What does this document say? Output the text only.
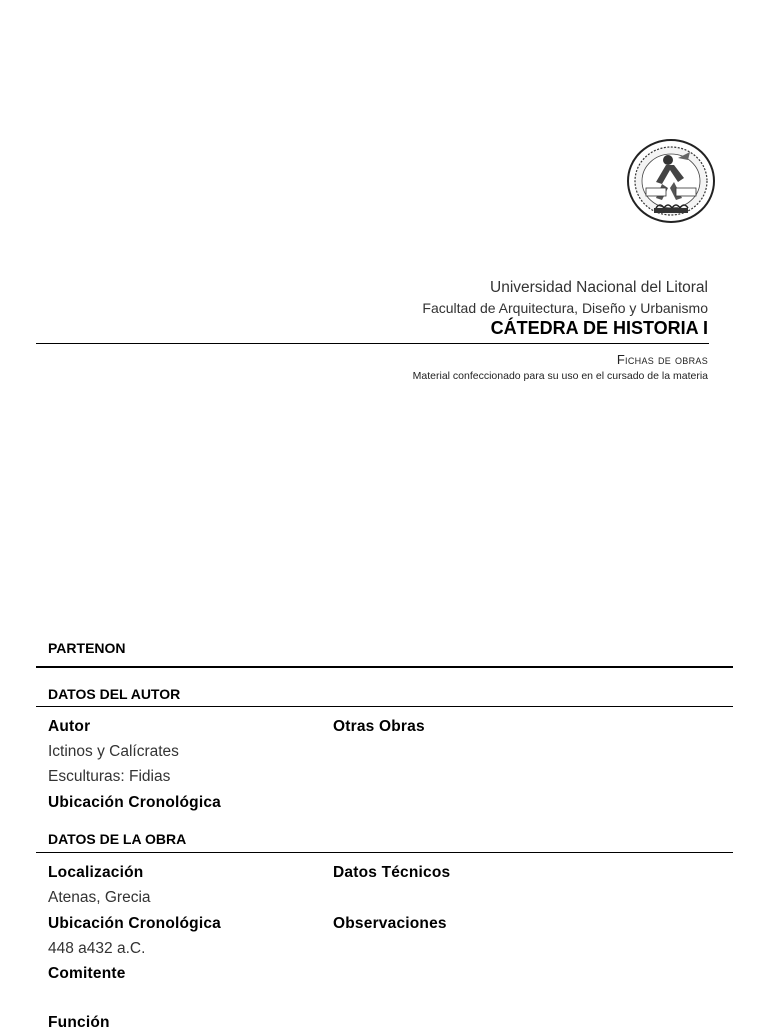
Universidad Nacional del Litoral
Facultad de Arquitectura, Diseño y Urbanismo
CÁTEDRA DE HISTORIA I
Fichas de obras
Material confeccionado para su uso en el cursado de la materia
PARTENON
DATOS DEL AUTOR
Autor	Otras Obras
Ictinos y Calícrates
Esculturas: Fidias
Ubicación Cronológica
DATOS DE LA OBRA
Localización	Datos Técnicos
Atenas, Grecia
Ubicación Cronológica	Observaciones
448 a432 a.C.
Comitente
Función
